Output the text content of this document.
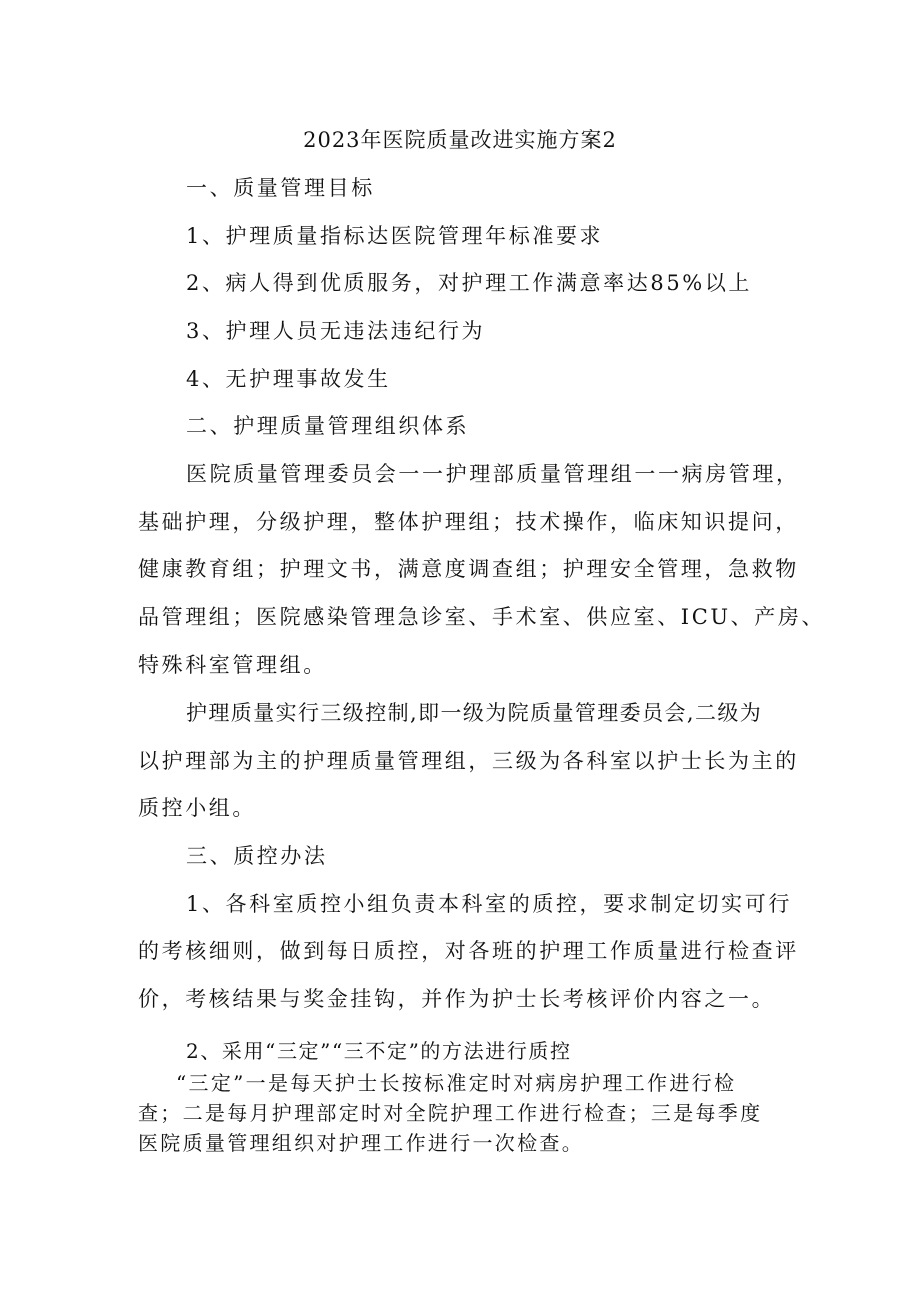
2023年医院质量改进实施方案2
一、质量管理目标
1、护理质量指标达医院管理年标准要求
2、病人得到优质服务，对护理工作满意率达85%以上
3、护理人员无违法违纪行为
4、无护理事故发生
二、护理质量管理组织体系
医院质量管理委员会一一护理部质量管理组一一病房管理，
基础护理，分级护理，整体护理组；技术操作，临床知识提问，
健康教育组；护理文书，满意度调查组；护理安全管理，急救物
品管理组；医院感染管理急诊室、手术室、供应室、ICU、产房、
特殊科室管理组。
护理质量实行三级控制,即一级为院质量管理委员会,二级为
以护理部为主的护理质量管理组，三级为各科室以护士长为主的
质控小组。
三、质控办法
1、各科室质控小组负责本科室的质控，要求制定切实可行
的考核细则，做到每日质控，对各班的护理工作质量进行检查评
价，考核结果与奖金挂钩，并作为护士长考核评价内容之一。
2、采用“三定”“三不定”的方法进行质控
“三定”一是每天护士长按标准定时对病房护理工作进行检
查；二是每月护理部定时对全院护理工作进行检查；三是每季度
医院质量管理组织对护理工作进行一次检查。
